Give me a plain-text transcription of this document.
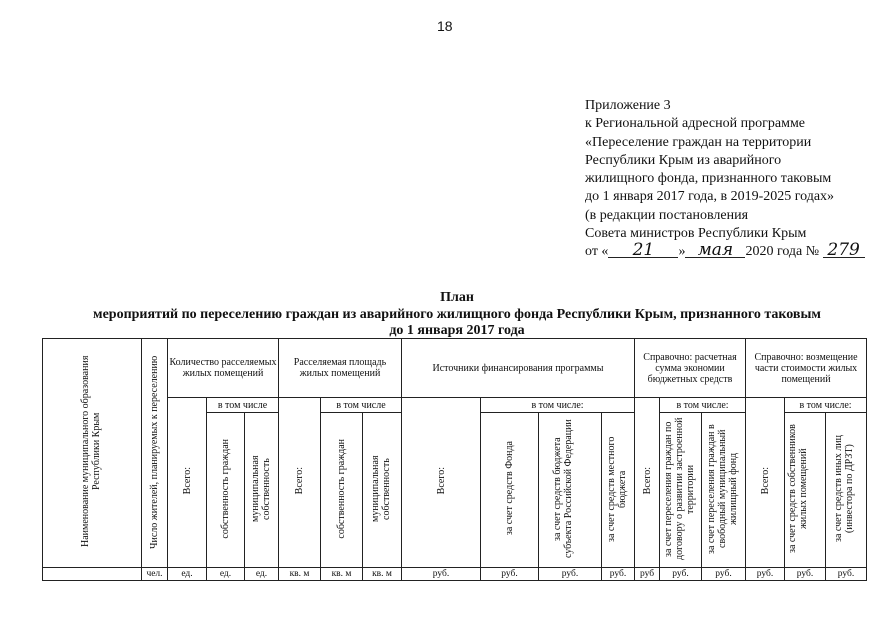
18
Приложение 3
к Региональной адресной программе
«Переселение граждан на территории
Республики Крым из аварийного
жилищного фонда, признанного таковым
до 1 января 2017 года, в 2019-2025 годах»
(в редакции постановления
Совета министров Республики Крым
от « 21 » мая 2020 года № 279
План
мероприятий по переселению граждан из аварийного жилищного фонда Республики Крым, признанного таковым
до 1 января 2017 года
Наименование муниципального образования Республики Крым	Число жителей, планируемых к переселению	Количество расселяемых жилых помещений			Расселяемая площадь жилых помещений			Источники финансирования программы				Справочно: расчетная сумма экономии бюджетных средств			Справочно: возмещение части стоимости жилых помещений		
		Всего:	в том числе		Всего:	в том числе		Всего:	в том числе:			Всего:	в том числе:		Всего:	в том числе:	
			собственность граждан	муниципальная собственность		собственность граждан	муниципальная собственность		за счет средств Фонда	за счет средств бюджета субъекта Российской Федерации	за счет средств местного бюджета		за счет переселения граждан по договору о развитии застроенной территории	за счет переселения граждан в свободный муниципальный жилищный фонд		за счет средств собственников жилых помещений	за счет средств иных лиц (инвестора по ДРЗТ)
	чел.	ед.	ед.	ед.	кв. м	кв. м	кв. м	руб.	руб.	руб.	руб.	руб	руб.	руб.	руб.	руб.	руб.
